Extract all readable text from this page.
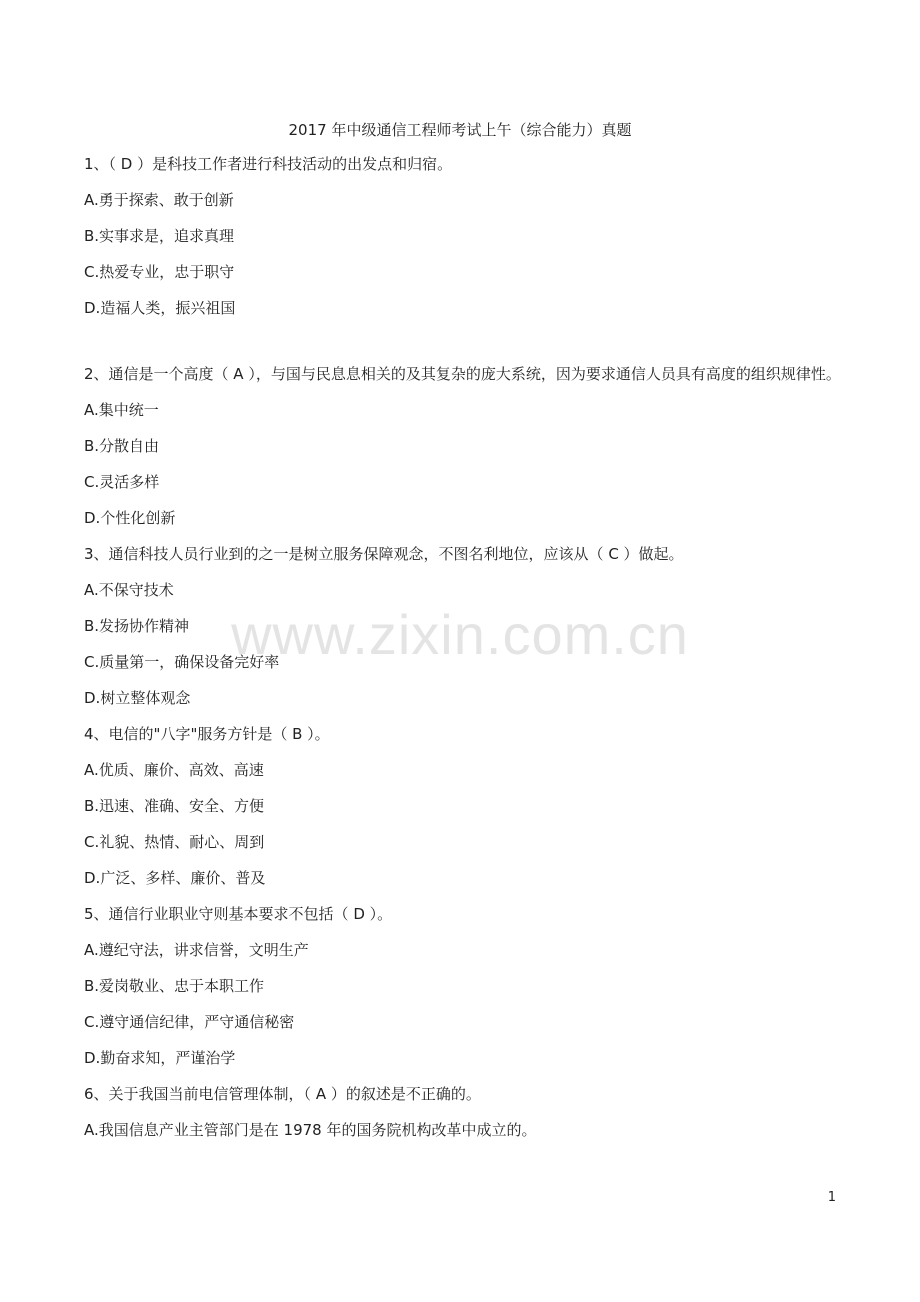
2017 年中级通信工程师考试上午（综合能力）真题
1、（ D ）是科技工作者进行科技活动的出发点和归宿。
A.勇于探索、敢于创新
B.实事求是，追求真理
C.热爱专业，忠于职守
D.造福人类，振兴祖国
2、通信是一个高度（ A ），与国与民息息相关的及其复杂的庞大系统，因为要求通信人员具有高度的组织规律性。
A.集中统一
B.分散自由
C.灵活多样
D.个性化创新
3、通信科技人员行业到的之一是树立服务保障观念，不图名利地位，应该从（ C ）做起。
A.不保守技术
B.发扬协作精神
C.质量第一，确保设备完好率
D.树立整体观念
4、电信的"八字"服务方针是（ B ）。
A.优质、廉价、高效、高速
B.迅速、准确、安全、方便
C.礼貌、热情、耐心、周到
D.广泛、多样、廉价、普及
5、通信行业职业守则基本要求不包括（ D ）。
A.遵纪守法，讲求信誉，文明生产
B.爱岗敬业、忠于本职工作
C.遵守通信纪律，严守通信秘密
D.勤奋求知，严谨治学
6、关于我国当前电信管理体制，（ A ）的叙述是不正确的。
A.我国信息产业主管部门是在 1978 年的国务院机构改革中成立的。
www.zixin.com.cn
1
